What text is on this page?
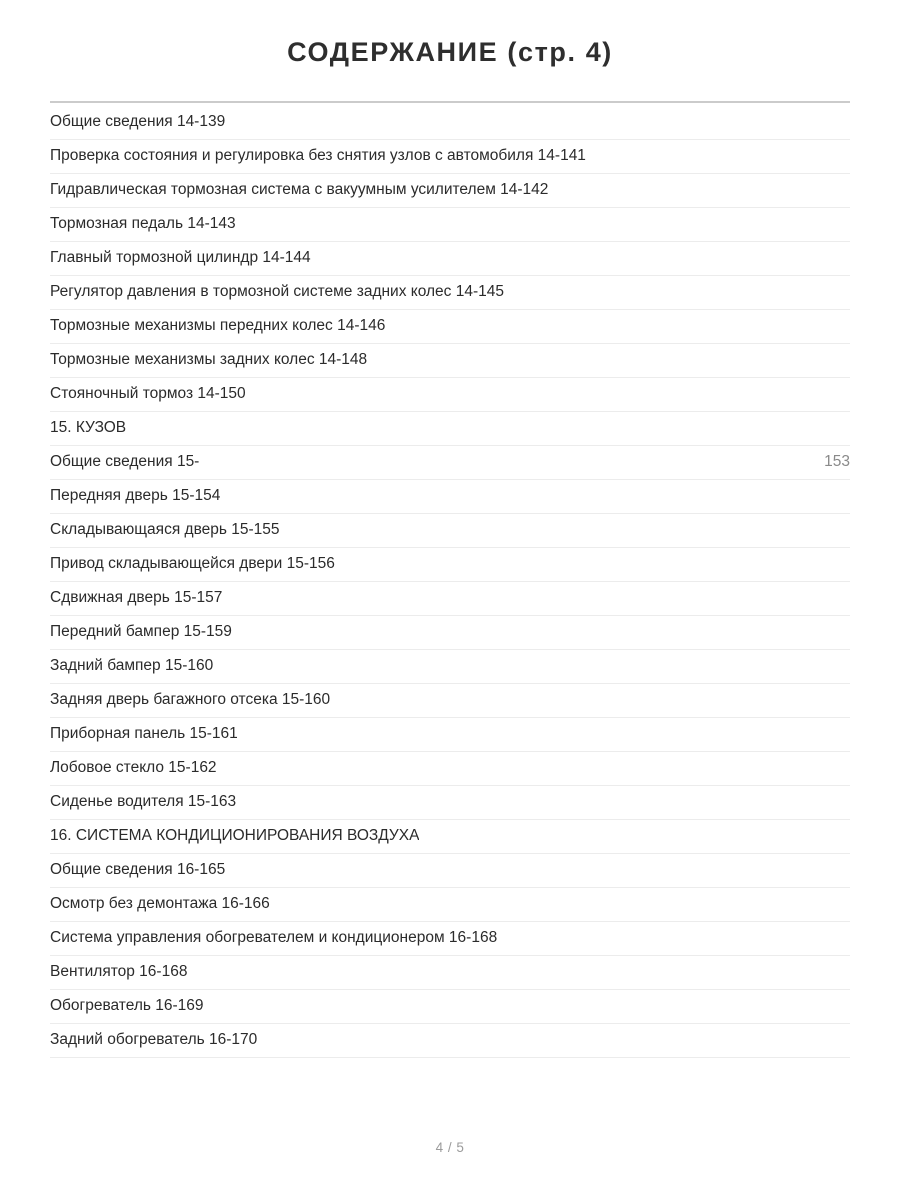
СОДЕРЖАНИЕ (стр. 4)
Общие сведения 14-139
Проверка состояния и регулировка без снятия узлов с автомобиля 14-141
Гидравлическая тормозная система с вакуумным усилителем 14-142
Тормозная педаль 14-143
Главный тормозной цилиндр 14-144
Регулятор давления в тормозной системе задних колес 14-145
Тормозные механизмы передних колес 14-146
Тормозные механизмы задних колес 14-148
Стояночный тормоз 14-150
15. КУЗОВ
Общие сведения 15-	153
Передняя дверь 15-154
Складывающаяся дверь 15-155
Привод складывающейся двери 15-156
Сдвижная дверь 15-157
Передний бампер 15-159
Задний бампер 15-160
Задняя дверь багажного отсека 15-160
Приборная панель 15-161
Лобовое стекло 15-162
Сиденье водителя 15-163
16. СИСТЕМА КОНДИЦИОНИРОВАНИЯ ВОЗДУХА
Общие сведения 16-165
Осмотр без демонтажа 16-166
Система управления обогревателем и кондиционером 16-168
Вентилятор 16-168
Обогреватель 16-169
Задний обогреватель 16-170
4 / 5
